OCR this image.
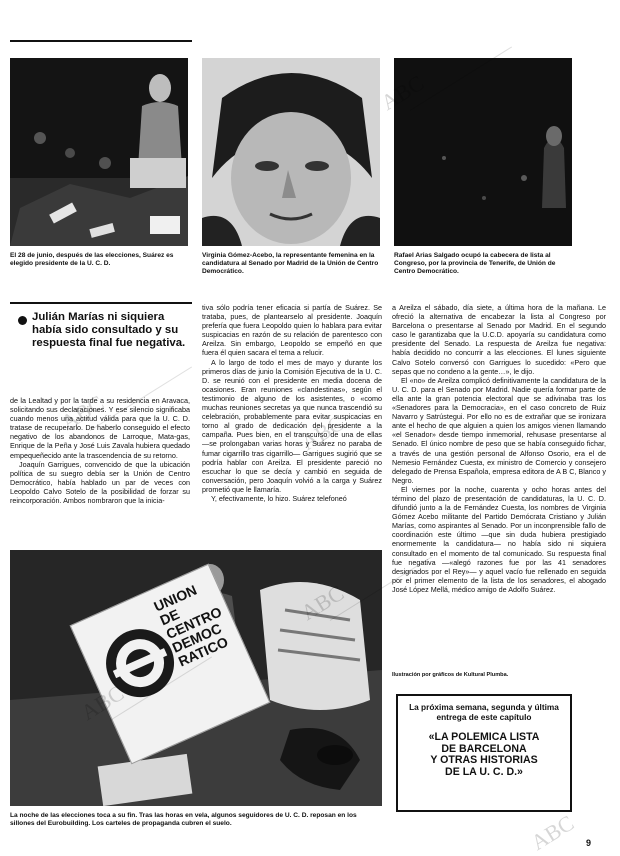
El 28 de junio, después de las elecciones, Suárez es elegido presidente de la U. C. D.

Virginia Gómez-Acebo, la representante femenina en la candidatura al Senado por Madrid de la Unión de Centro Democrático.

Rafael Arias Salgado ocupó la cabecera de lista al Congreso, por la provincia de Tenerife, de Unión de Centro Democrático.

Julián Marías ni siquiera había sido consultado y su respuesta final fue negativa.

de la Lealtad y por la tarde a su residencia en Aravaca, solicitando sus declaraciones. Y ese silencio significaba cuando menos una actitud válida para que la U. C. D. tratase de recuperarlo. De haberlo conseguido el efecto negativo de los abandonos de Larroque, Mata-gas, Enrique de la Peña y José Luis Zavala hubiera quedado empequeñecido ante la trascendencia de su retorno.

Joaquín Garrigues, convencido de que la ubicación política de su suegro debía ser la Unión de Centro Democrático, había hablado un par de veces con Leopoldo Calvo Sotelo de la posibilidad de forzar su reincorporación. Ambos nombraron que la inicia-

tiva sólo podría tener eficacia si partía de Suárez. Se trataba, pues, de plantearselo al presidente. Joaquín prefería que fuera Leopoldo quien lo hablara para evitar suspicacias en razón de su relación de parentesco con Areilza. Sin embargo, Leopoldo se empeñó en que fuera él quien sacara el tema a relucir.

A lo largo de todo el mes de mayo y durante los primeros días de junio la Comisión Ejecutiva de la U. C. D. se reunió con el presidente en media docena de ocasiones. Eran reuniones «clandestinas», según el testimonio de alguno de los asistentes, o «como muchas reuniones secretas ya que nunca trascendió su celebración, probablemente para evitar suspicacias en torno al grado de dedicación del presidente a la campaña. Pues bien, en el transcurso de una de ellas —se prolongaban varias horas y Suárez no paraba de fumar cigarrillo tras cigarrillo— Garrigues sugirió que se podría hablar con Areilza. El presidente pareció no escuchar lo que se decía y cambió en seguida de conversación, pero Joaquín volvió a la carga y Suárez prometió que le llamaría.

Y, efectivamente, lo hizo. Suárez telefoneó

a Areilza el sábado, día siete, a última hora de la mañana. Le ofreció la alternativa de encabezar la lista al Congreso por Barcelona o presentarse al Senado por Madrid. En el segundo caso le garantizaba que la U.C.D. apoyaría su candidatura como presidente del Senado. La respuesta de Areilza fue negativa: había decidido no concurrir a las elecciones. El lunes siguiente Calvo Sotelo conversó con Garrigues lo sucedido: «Pero que sepas que no condeno a la gente…», le dijo.

El «no» de Areilza complicó definitivamente la candidatura de la U. C. D. para el Senado por Madrid. Nadie quería formar parte de ella ante la gran potencia electoral que se adivinaba tras los «Senadores para la Democracia», en el caso concreto de Ruiz Navarro y Satrústegui. Por ello no es de extrañar que se ironizara ante el hecho de que alguien a quien los amigos vienen llamando «el Senador» desde tiempo inmemorial, rehusase presentarse al Senado. El único nombre de peso que se había conseguido fichar, a través de una gestión personal de Alfonso Osorio, era el de Nemesio Fernández Cuesta, ex ministro de Comercio y consejero delegado de Prensa Española, empresa editora de A B C, Blanco y Negro.

El viernes por la noche, cuarenta y ocho horas antes del término del plazo de presentación de candidaturas, la U. C. D. difundió junto a la de Fernández Cuesta, los nombres de Virginia Gómez Acebo militante del Partido Demócrata Cristiano y Julián Marías, como aspirantes al Senado. Por un inconprensible fallo de coordinación este último —que sin duda hubiera prestigiado enormemente la candidatura— no había sido ni siquiera consultado en el momento de tal comunicado. Su respuesta final fue negativa —«alegó razones fue por las 41 senadores designados por el Rey»— y aquel vacío fue rellenado en seguida por el primer elemento de la lista de los senadores, el abogado José López Mellá, médico amigo de Adolfo Suárez.

UNION DE CENTRO DEMOCRATICO

La noche de las elecciones toca a su fin. Tras las horas en vela, algunos seguidores de U. C. D. reposan en los sillones del Eurobuilding. Los carteles de propaganda cubren el suelo.

Ilustración por gráficos de Kultural Plumba.

La próxima semana, segunda y última entrega de este capítulo

«LA POLEMICA LISTA
DE BARCELONA
Y OTRAS HISTORIAS
DE LA U. C. D.»

9
ABC	ABC
ABC
